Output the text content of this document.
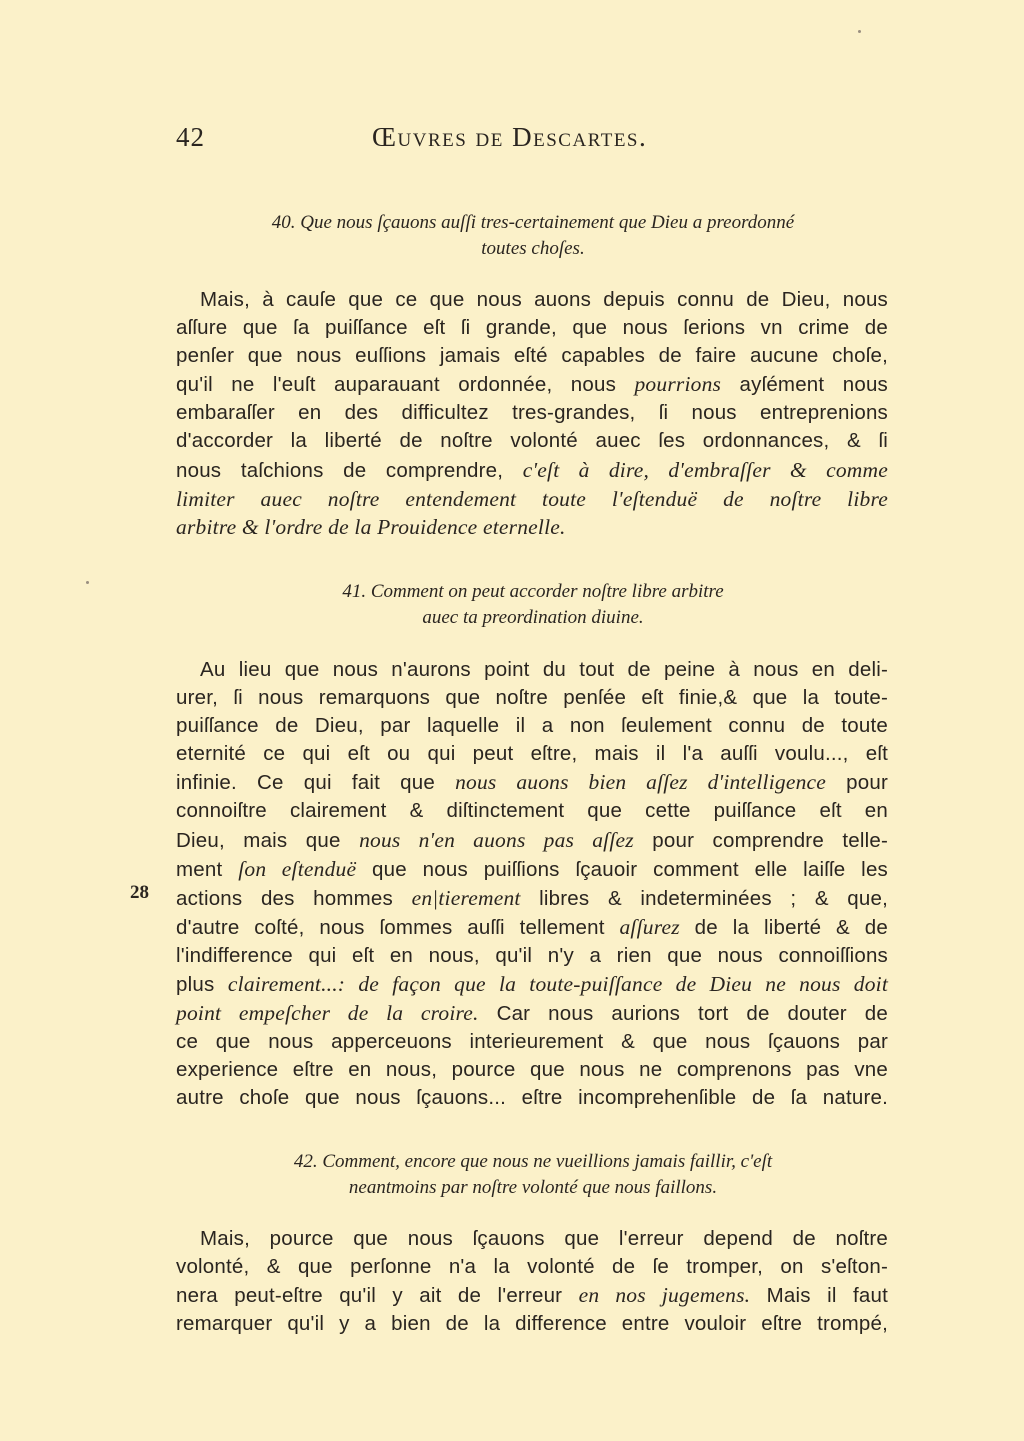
42	Œuvres de Descartes.
40. Que nous ſçauons auſſi tres-certainement que Dieu a preordonné
toutes choſes.
Mais, à cauſe que ce que nous auons depuis connu de Dieu, nous
aſſure que ſa puiſſance eſt ſi grande, que nous ſerions vn crime de
penſer que nous euſſions jamais eſté capables de faire aucune choſe,
qu'il ne l'euſt auparauant ordonnée, nous pourrions ayſément nous
embaraſſer en des difficultez tres-grandes, ſi nous entreprenions
d'accorder la liberté de noſtre volonté auec ſes ordonnances, & ſi
nous taſchions de comprendre, c'eſt à dire, d'embraſſer & comme
limiter auec noſtre entendement toute l'eſtenduë de noſtre libre
arbitre & l'ordre de la Prouidence eternelle.
41. Comment on peut accorder noſtre libre arbitre
auec ta preordination diuine.
Au lieu que nous n'aurons point du tout de peine à nous en deli-
urer, ſi nous remarquons que noſtre penſée eſt finie,& que la toute-
puiſſance de Dieu, par laquelle il a non ſeulement connu de toute
eternité ce qui eſt ou qui peut eſtre, mais il l'a auſſi voulu..., eſt
infinie. Ce qui fait que nous auons bien aſſez d'intelligence pour
connoiſtre clairement & diſtinctement que cette puiſſance eſt en
Dieu, mais que nous n'en auons pas aſſez pour comprendre telle-
ment ſon eſtenduë que nous puiſſions ſçauoir comment elle laiſſe les
actions des hommes en|tierement libres & indeterminées ; & que,
d'autre coſté, nous ſommes auſſi tellement aſſurez de la liberté & de
l'indifference qui eſt en nous, qu'il n'y a rien que nous connoiſſions
plus clairement...: de façon que la toute-puiſſance de Dieu ne nous doit
point empeſcher de la croire. Car nous aurions tort de douter de
ce que nous apperceuons interieurement & que nous ſçauons par
experience eſtre en nous, pource que nous ne comprenons pas vne
autre choſe que nous ſçauons... eſtre incomprehenſible de ſa nature.
28
42. Comment, encore que nous ne vueillions jamais faillir, c'eſt
neantmoins par noſtre volonté que nous faillons.
Mais, pource que nous ſçauons que l'erreur depend de noſtre
volonté, & que perſonne n'a la volonté de ſe tromper, on s'eſton-
nera peut-eſtre qu'il y ait de l'erreur en nos jugemens. Mais il faut
remarquer qu'il y a bien de la difference entre vouloir eſtre trompé,
